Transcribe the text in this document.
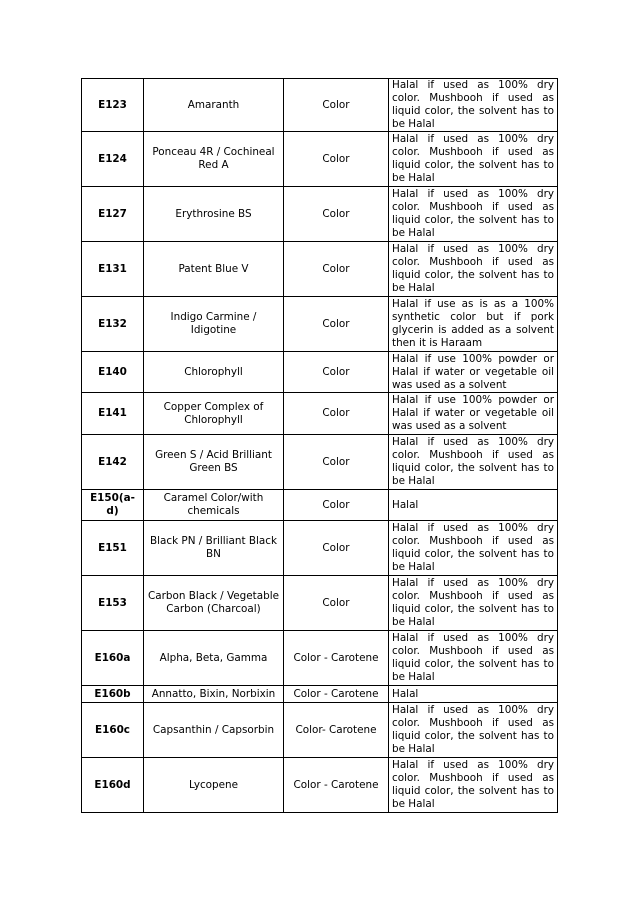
E123	Amaranth	Color	Halal if used as 100% dry color. Mushbooh if used as liquid color, the solvent has to be Halal
E124	Ponceau 4R / Cochineal Red A	Color	Halal if used as 100% dry color. Mushbooh if used as liquid color, the solvent has to be Halal
E127	Erythrosine BS	Color	Halal if used as 100% dry color. Mushbooh if used as liquid color, the solvent has to be Halal
E131	Patent Blue V	Color	Halal if used as 100% dry color. Mushbooh if used as liquid color, the solvent has to be Halal
E132	Indigo Carmine / Idigotine	Color	Halal if use as is as a 100% synthetic color but if pork glycerin is added as a solvent then it is Haraam
E140	Chlorophyll	Color	Halal if use 100% powder or Halal if water or vegetable oil was used as a solvent
E141	Copper Complex of Chlorophyll	Color	Halal if use 100% powder or Halal if water or vegetable oil was used as a solvent
E142	Green S / Acid Brilliant Green BS	Color	Halal if used as 100% dry color. Mushbooh if used as liquid color, the solvent has to be Halal
E150(a-d)	Caramel Color/with chemicals	Color	Halal
E151	Black PN / Brilliant Black BN	Color	Halal if used as 100% dry color. Mushbooh if used as liquid color, the solvent has to be Halal
E153	Carbon Black / Vegetable Carbon (Charcoal)	Color	Halal if used as 100% dry color. Mushbooh if used as liquid color, the solvent has to be Halal
E160a	Alpha, Beta, Gamma	Color - Carotene	Halal if used as 100% dry color. Mushbooh if used as liquid color, the solvent has to be Halal
E160b	Annatto, Bixin, Norbixin	Color - Carotene	Halal
E160c	Capsanthin / Capsorbin	Color- Carotene	Halal if used as 100% dry color. Mushbooh if used as liquid color, the solvent has to be Halal
E160d	Lycopene	Color - Carotene	Halal if used as 100% dry color. Mushbooh if used as liquid color, the solvent has to be Halal
